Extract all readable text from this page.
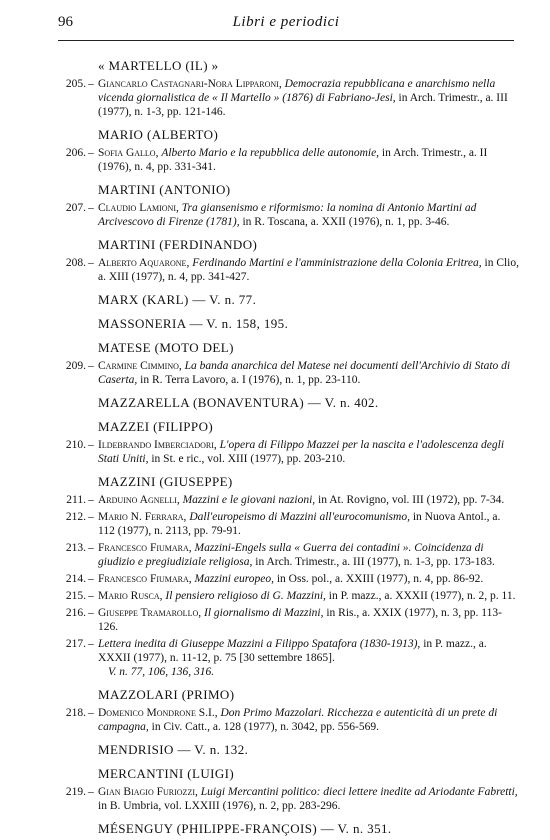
96	Libri e periodici
« MARTELLO (IL) »
205. – Giancarlo Castagnari-Nora Lipparoni, Democrazia repubblicana e anarchismo nella vicenda giornalistica de « Il Martello » (1876) di Fabriano-Jesi, in Arch. Trimestr., a. III (1977), n. 1-3, pp. 121-146.
MARIO (ALBERTO)
206. – Sofia Gallo, Alberto Mario e la repubblica delle autonomie, in Arch. Trimestr., a. II (1976), n. 4, pp. 331-341.
MARTINI (ANTONIO)
207. – Claudio Lamioni, Tra giansenismo e riformismo: la nomina di Antonio Martini ad Arcivescovo di Firenze (1781), in R. Toscana, a. XXII (1976), n. 1, pp. 3-46.
MARTINI (FERDINANDO)
208. – Alberto Aquarone, Ferdinando Martini e l'amministrazione della Colonia Eritrea, in Clio, a. XIII (1977), n. 4, pp. 341-427.
MARX (KARL) — V. n. 77.
MASSONERIA — V. n. 158, 195.
MATESE (MOTO DEL)
209. – Carmine Cimmino, La banda anarchica del Matese nei documenti dell'Archivio di Stato di Caserta, in R. Terra Lavoro, a. I (1976), n. 1, pp. 23-110.
MAZZARELLA (BONAVENTURA) — V. n. 402.
MAZZEI (FILIPPO)
210. – Ildebrando Imberciadori, L'opera di Filippo Mazzei per la nascita e l'adolescenza degli Stati Uniti, in St. e ric., vol. XIII (1977), pp. 203-210.
MAZZINI (GIUSEPPE)
211. – Arduino Agnelli, Mazzini e le giovani nazioni, in At. Rovigno, vol. III (1972), pp. 7-34.
212. – Mario N. Ferrara, Dall'europeismo di Mazzini all'eurocomunismo, in Nuova Antol., a. 112 (1977), n. 2113, pp. 79-91.
213. – Francesco Fiumara, Mazzini-Engels sulla « Guerra dei contadini ». Coincidenza di giudizio e pregiudiziale religiosa, in Arch. Trimestr., a. III (1977), n. 1-3, pp. 173-183.
214. – Francesco Fiumara, Mazzini europeo, in Oss. pol., a. XXIII (1977), n. 4, pp. 86-92.
215. – Mario Rusca, Il pensiero religioso di G. Mazzini, in P. mazz., a. XXXII (1977), n. 2, p. 11.
216. – Giuseppe Tramarollo, Il giornalismo di Mazzini, in Ris., a. XXIX (1977), n. 3, pp. 113-126.
217. – Lettera inedita di Giuseppe Mazzini a Filippo Spatafora (1830-1913), in P. mazz., a. XXXII (1977), n. 11-12, p. 75 [30 settembre 1865].
V. n. 77, 106, 136, 316.
MAZZOLARI (PRIMO)
218. – Domenico Mondrone S.I., Don Primo Mazzolari. Ricchezza e autenticità di un prete di campagna, in Civ. Catt., a. 128 (1977), n. 3042, pp. 556-569.
MENDRISIO — V. n. 132.
MERCANTINI (LUIGI)
219. – Gian Biagio Furiozzi, Luigi Mercantini politico: dieci lettere inedite ad Ariodante Fabretti, in B. Umbria, vol. LXXIII (1976), n. 2, pp. 283-296.
MÉSENGUY (PHILIPPE-FRANÇOIS) — V. n. 351.
